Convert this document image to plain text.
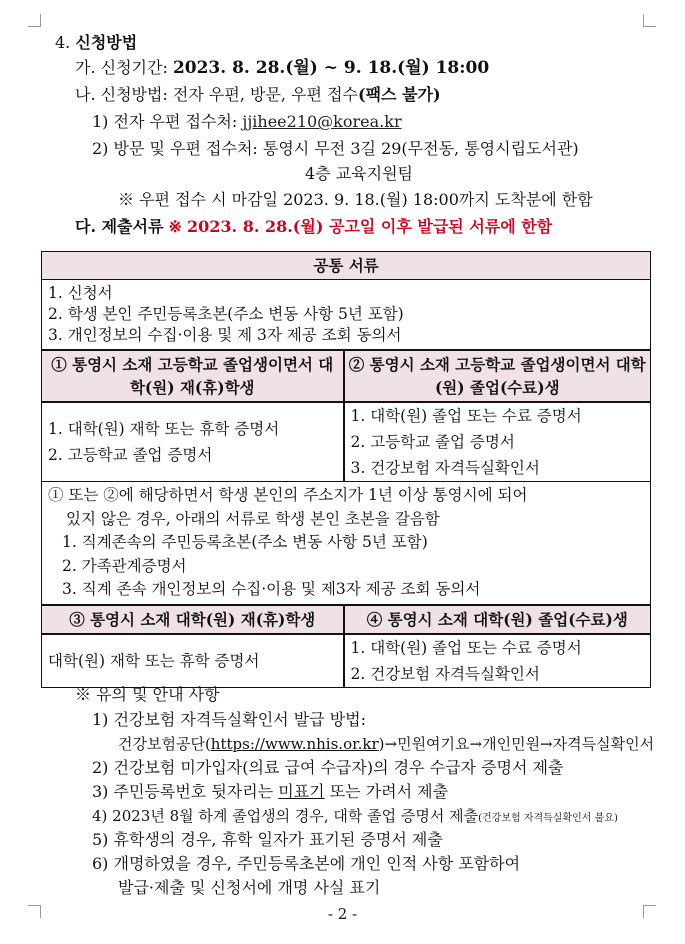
4. 신청방법
가. 신청기간: 2023. 8. 28.(월) ~ 9. 18.(월) 18:00
나. 신청방법: 전자 우편, 방문, 우편 접수(팩스 불가)
1) 전자 우편 접수처: jjihee210@korea.kr
2) 방문 및 우편 접수처: 통영시 무전 3길 29(무전동, 통영시립도서관)
4층 교육지원팀
※ 우편 접수 시 마감일 2023. 9. 18.(월) 18:00까지 도착분에 한함
다. 제출서류 ※ 2023. 8. 28.(월) 공고일 이후 발급된 서류에 한함
공통 서류	

1. 신청서
2. 학생 본인 주민등록초본(주소 변동 사항 5년 포함)
3. 개인정보의 수집·이용 및 제 3자 제공 조회 동의서	

① 통영시 소재 고등학교 졸업생이면서 대학(원) 재(휴)학생	② 통영시 소재 고등학교 졸업생이면서 대학(원) 졸업(수료)생

1. 대학(원) 재학 또는 휴학 증명서
2. 고등학교 졸업 증명서	1. 대학(원) 졸업 또는 수료 증명서
2. 고등학교 졸업 증명서
3. 건강보험 자격득실확인서

① 또는 ②에 해당하면서 학생 본인의 주소지가 1년 이상 통영시에 되어
있지 않은 경우, 아래의 서류로 학생 본인 초본을 갈음함
1. 직계존속의 주민등록초본(주소 변동 사항 5년 포함)
2. 가족관계증명서
3. 직계 존속 개인정보의 수집·이용 및 제3자 제공 조회 동의서	

③ 통영시 소재 대학(원) 재(휴)학생	④ 통영시 소재 대학(원) 졸업(수료)생

대학(원) 재학 또는 휴학 증명서	1. 대학(원) 졸업 또는 수료 증명서
2. 건강보험 자격득실확인서
※ 유의 및 안내 사항
1) 건강보험 자격득실확인서 발급 방법:
건강보험공단(https://www.nhis.or.kr)→민원여기요→개인민원→자격득실확인서
2) 건강보험 미가입자(의료 급여 수급자)의 경우 수급자 증명서 제출
3) 주민등록번호 뒷자리는 미표기 또는 가려서 제출
4) 2023년 8월 하계 졸업생의 경우, 대학 졸업 증명서 제출(건강보험 자격득실확인서 불요)
5) 휴학생의 경우, 휴학 일자가 표기된 증명서 제출
6) 개명하였을 경우, 주민등록초본에 개인 인적 사항 포함하여
발급·제출 및 신청서에 개명 사실 표기
- 2 -
